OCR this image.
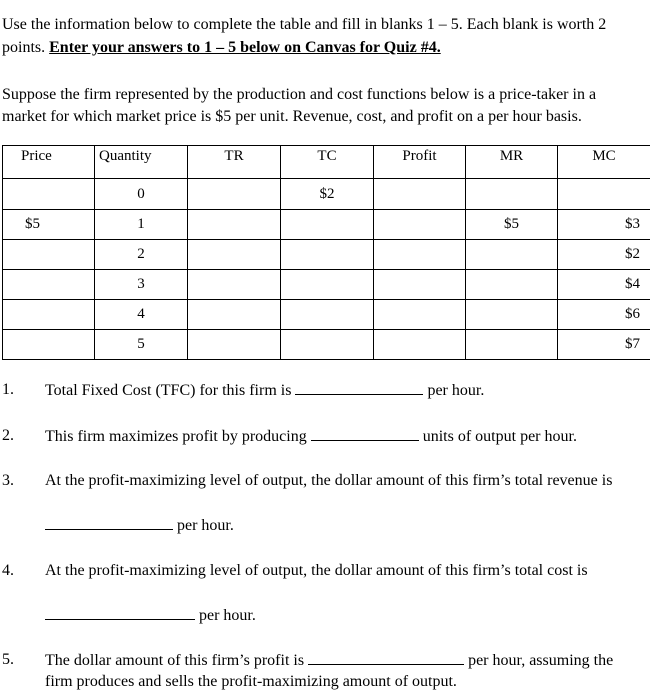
Use the information below to complete the table and fill in blanks 1 – 5. Each blank is worth 2
points. Enter your answers to 1 – 5 below on Canvas for Quiz #4.
Suppose the firm represented by the production and cost functions below is a price-taker in a
market for which market price is $5 per unit. Revenue, cost, and profit on a per hour basis.
Price	Quantity	TR	TC	Profit	MR	MC
	0		$2			
$5	1				$5	$3
	2					$2
	3					$4
	4					$6
	5					$7
1. Total Fixed Cost (TFC) for this firm is	per hour.
2. This firm maximizes profit by producing	units of output per hour.
3. At the profit-maximizing level of output, the dollar amount of this firm’s total revenue is
per hour.
4. At the profit-maximizing level of output, the dollar amount of this firm’s total cost is
per hour.
5. The dollar amount of this firm’s profit is	per hour, assuming the
firm produces and sells the profit-maximizing amount of output.
